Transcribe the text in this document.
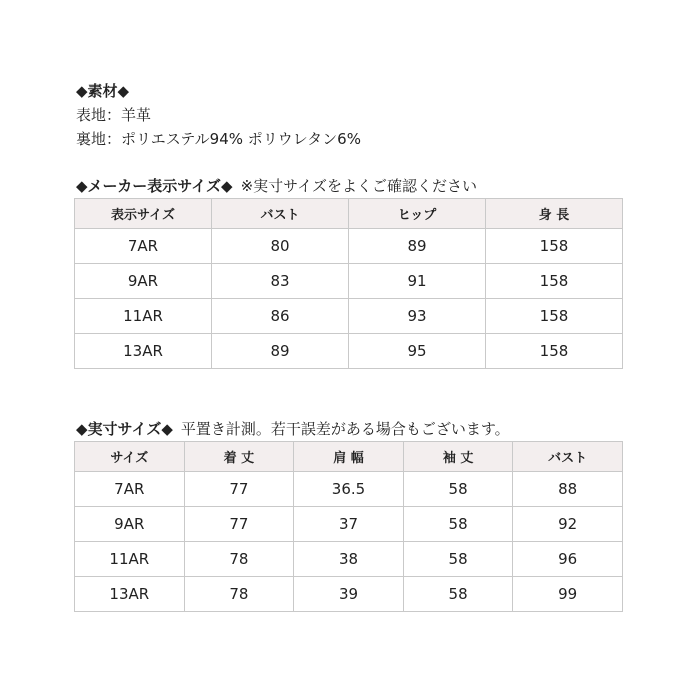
◆素材◆
表地：羊革
裏地：ポリエステル94% ポリウレタン6%
◆メーカー表示サイズ◆ ※実寸サイズをよくご確認ください
表示サイズ	バスト	ヒップ	身 長
7AR	80	89	158
9AR	83	91	158
11AR	86	93	158
13AR	89	95	158
◆実寸サイズ◆ 平置き計測。若干誤差がある場合もございます。
サイズ	着 丈	肩 幅	袖 丈	バスト
7AR	77	36.5	58	88
9AR	77	37	58	92
11AR	78	38	58	96
13AR	78	39	58	99
